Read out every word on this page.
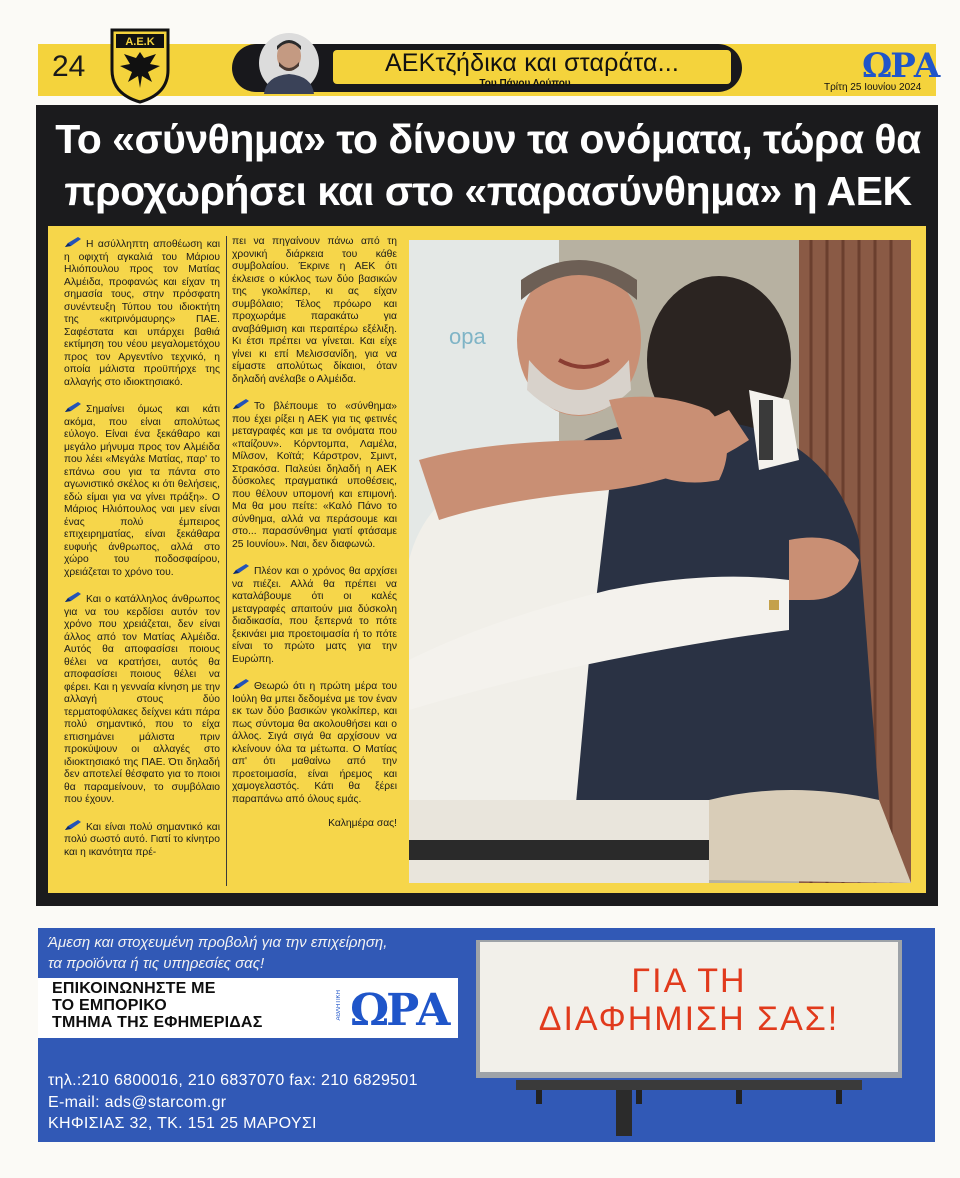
24
Α.Ε.Κ
ΑΕΚτζήδικα και σταράτα...
Του Πάνου Λούπου	ΩΡΑ
Τρίτη 25 Ιουνίου 2024
Το «σύνθημα» το δίνουν τα ονόματα, τώρα θα
προχωρήσει και στο «παρασύνθημα» η ΑΕΚ

Η ασύλληπτη αποθέωση και η οφιχτή αγκαλιά του Μάριου Ηλιόπουλου προς τον Ματίας Αλμέιδα, προφανώς και είχαν τη σημασία τους, στην πρόσφατη συνέντευξη Τύπου του ιδιοκτήτη της «κιτρινόμαυρης» ΠΑΕ. Σαφέστατα και υπάρχει βαθιά εκτίμηση του νέου μεγαλομετόχου προς τον Αργεντίνο τεχνικό, η οποία μάλιστα προϋπήρχε της αλλαγής στο ιδιοκτησιακό.

Σημαίνει όμως και κάτι ακόμα, που είναι απολύτως εύλογο. Είναι ένα ξεκάθαρο και μεγάλο μήνυμα προς τον Αλμέιδα που λέει «Μεγάλε Ματίας, παρ' το επάνω σου για τα πάντα στο αγωνιστικό σκέλος κι ότι θελήσεις, εδώ είμαι για να γίνει πράξη». Ο Μάριος Ηλιόπουλος ναι μεν είναι ένας πολύ έμπειρος επιχειρηματίας, είναι ξεκάθαρα ευφυής άνθρωπος, αλλά στο χώρο του ποδοσφαίρου, χρειάζεται το χρόνο του.

Και ο κατάλληλος άνθρωπος για να του κερδίσει αυτόν τον χρόνο που χρειάζεται, δεν είναι άλλος από τον Ματίας Αλμέιδα. Αυτός θα αποφασίσει ποιους θέλει να κρατήσει, αυτός θα αποφασίσει ποιους θέλει να φέρει. Και η γενναία κίνηση με την αλλαγή στους δύο τερματοφύλακες δείχνει κάτι πάρα πολύ σημαντικό, που το είχα επισημάνει μάλιστα πριν προκύψουν οι αλλαγές στο ιδιοκτησιακό της ΠΑΕ. Ότι δηλαδή δεν αποτελεί θέσφατο για το ποιοι θα παραμείνουν, το συμβόλαιο που έχουν.

Και είναι πολύ σημαντικό και πολύ σωστό αυτό. Γιατί το κίνητρο και η ικανότητα πρέ-

πει να πηγαίνουν πάνω από τη χρονική διάρκεια του κάθε συμβολαίου. Έκρινε η ΑΕΚ ότι έκλεισε ο κύκλος των δύο βασικών της γκολκίπερ, κι ας είχαν συμβόλαιο; Τέλος πρόωρο και προχωράμε παρακάτω για αναβάθμιση και περαιτέρω εξέλιξη. Κι έτσι πρέπει να γίνεται. Και είχε γίνει κι επί Μελισσανίδη, για να είμαστε απολύτως δίκαιοι, όταν δηλαδή ανέλαβε ο Αλμέιδα.

Το βλέπουμε το «σύνθημα» που έχει ρίξει η ΑΕΚ για τις φετινές μεταγραφές και με τα ονόματα που «παίζουν». Κόρντομπα, Λαμέλα, Μίλσον, Κοϊτά; Κάρστρον, Σμιντ, Στρακόσα. Παλεύει δηλαδή η ΑΕΚ δύσκολες πραγματικά υποθέσεις, που θέλουν υπομονή και επιμονή. Μα θα μου πείτε: «Καλό Πάνο το σύνθημα, αλλά να περάσουμε και στο... παρασύνθημα γιατί φτάσαμε 25 Ιουνίου». Ναι, δεν διαφωνώ.

Πλέον και ο χρόνος θα αρχίσει να πιέζει. Αλλά θα πρέπει να καταλάβουμε ότι οι καλές μεταγραφές απαιτούν μια δύσκολη διαδικασία, που ξεπερνά το πότε ξεκινάει μια προετοιμασία ή το πότε είναι το πρώτο ματς για την Ευρώπη.

Θεωρώ ότι η πρώτη μέρα του Ιούλη θα μπει δεδομένα με τον έναν εκ των δύο βασικών γκολκίπερ, και πως σύντομα θα ακολουθήσει και ο άλλος. Σιγά σιγά θα αρχίσουν να κλείνουν όλα τα μέτωπα. Ο Ματίας απ' ότι μαθαίνω από την προετοιμασία, είναι ήρεμος και χαμογελαστός. Κάτι θα ξέρει παραπάνω από όλους εμάς.

Καλημέρα σας!

opa
Άμεση και στοχευμένη προβολή για την επιχείρηση,
τα προϊόντα ή τις υπηρεσίες σας!
ΕΠΙΚΟΙΝΩΝΗΣΤΕ ΜΕ
ΤΟ ΕΜΠΟΡΙΚΟ
ΤΜΗΜΑ ΤΗΣ ΕΦΗΜΕΡΙΔΑΣ
ΑΘΛΗΤΙΚΗ ΩΡΑ
τηλ.:210 6800016, 210 6837070 fax: 210 6829501
E-mail: ads@starcom.gr
ΚΗΦΙΣΙΑΣ 32, ΤΚ. 151 25 ΜΑΡΟΥΣΙ
ΓΙΑ ΤΗ
ΔΙΑΦΗΜΙΣΗ ΣΑΣ!
